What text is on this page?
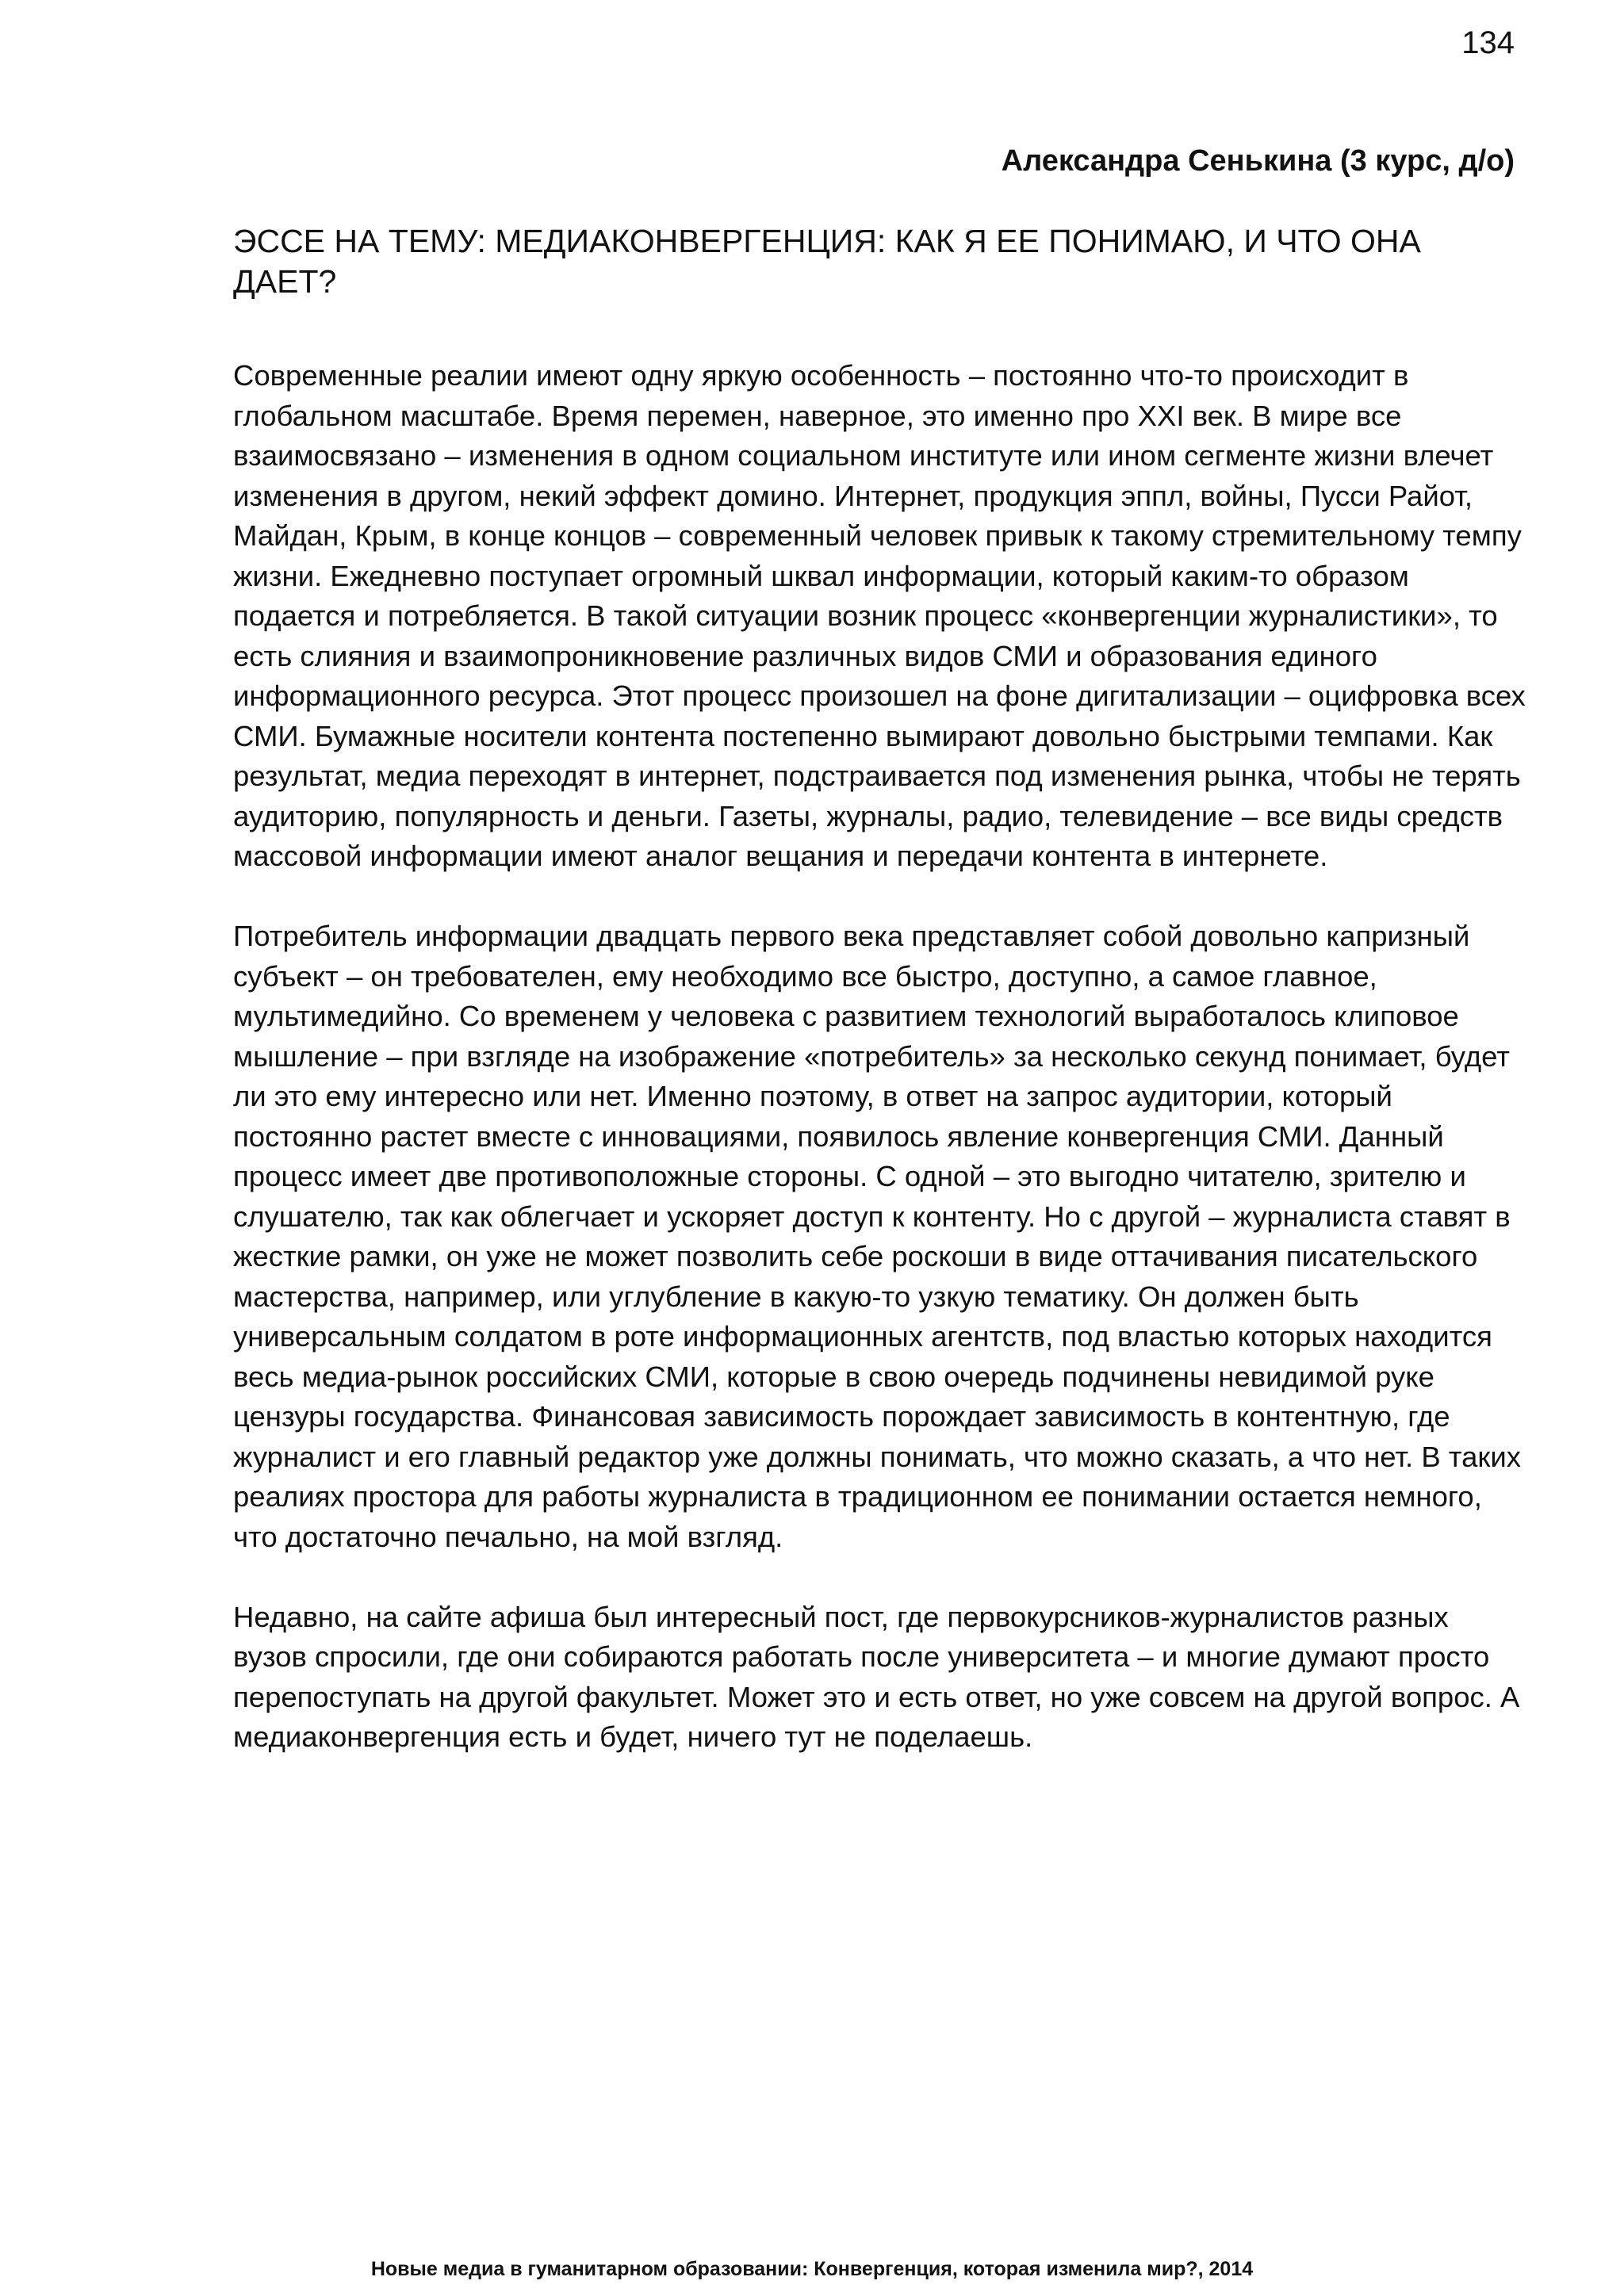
134

Александра Сенькина (3 курс, д/о)

ЭССЕ НА ТЕМУ: МЕДИАКОНВЕРГЕНЦИЯ: КАК Я ЕЕ ПОНИМАЮ, И ЧТО ОНА ДАЕТ?

Современные реалии имеют одну яркую особенность – постоянно что-то происходит в глобальном масштабе. Время перемен, наверное, это именно про XXI век. В мире все взаимосвязано – изменения в одном социальном институте или ином сегменте жизни влечет изменения в другом, некий эффект домино. Интернет, продукция эппл, войны, Пусси Райот, Майдан, Крым, в конце концов – современный человек привык к такому стремительному темпу жизни. Ежедневно поступает огромный шквал информации, который каким-то образом подается и потребляется. В такой ситуации возник процесс «конвергенции журналистики», то есть слияния и взаимопроникновение различных видов СМИ и образования единого информационного ресурса. Этот процесс произошел на фоне дигитализации – оцифровка всех СМИ. Бумажные носители контента постепенно вымирают довольно быстрыми темпами. Как результат, медиа переходят в интернет, подстраивается под изменения рынка, чтобы не терять аудиторию, популярность и деньги. Газеты, журналы, радио, телевидение – все виды средств массовой информации имеют аналог вещания и передачи контента в интернете.

Потребитель информации двадцать первого века представляет собой довольно капризный субъект – он требователен, ему необходимо все быстро, доступно, а самое главное, мультимедийно. Со временем у человека с развитием технологий выработалось клиповое мышление – при взгляде на изображение «потребитель» за несколько секунд понимает, будет ли это ему интересно или нет. Именно поэтому, в ответ на запрос аудитории, который постоянно растет вместе с инновациями, появилось явление конвергенция СМИ. Данный процесс имеет две противоположные стороны. С одной – это выгодно читателю, зрителю и слушателю, так как облегчает и ускоряет доступ к контенту. Но с другой – журналиста ставят в жесткие рамки, он уже не может позволить себе роскоши в виде оттачивания писательского мастерства, например, или углубление в какую-то узкую тематику. Он должен быть универсальным солдатом в роте информационных агентств, под властью которых находится весь медиа-рынок российских СМИ, которые в свою очередь подчинены невидимой руке цензуры государства. Финансовая зависимость порождает зависимость в контентную, где журналист и его главный редактор уже должны понимать, что можно сказать, а что нет. В таких реалиях простора для работы журналиста в традиционном ее понимании остается немного, что достаточно печально, на мой взгляд.

Недавно, на сайте афиша был интересный пост, где первокурсников-журналистов разных вузов спросили, где они собираются работать после университета – и многие думают просто перепоступать на другой факультет. Может это и есть ответ, но уже совсем на другой вопрос. А медиаконвергенция есть и будет, ничего тут не поделаешь.

Новые медиа в гуманитарном образовании: Конвергенция, которая изменила мир?, 2014
